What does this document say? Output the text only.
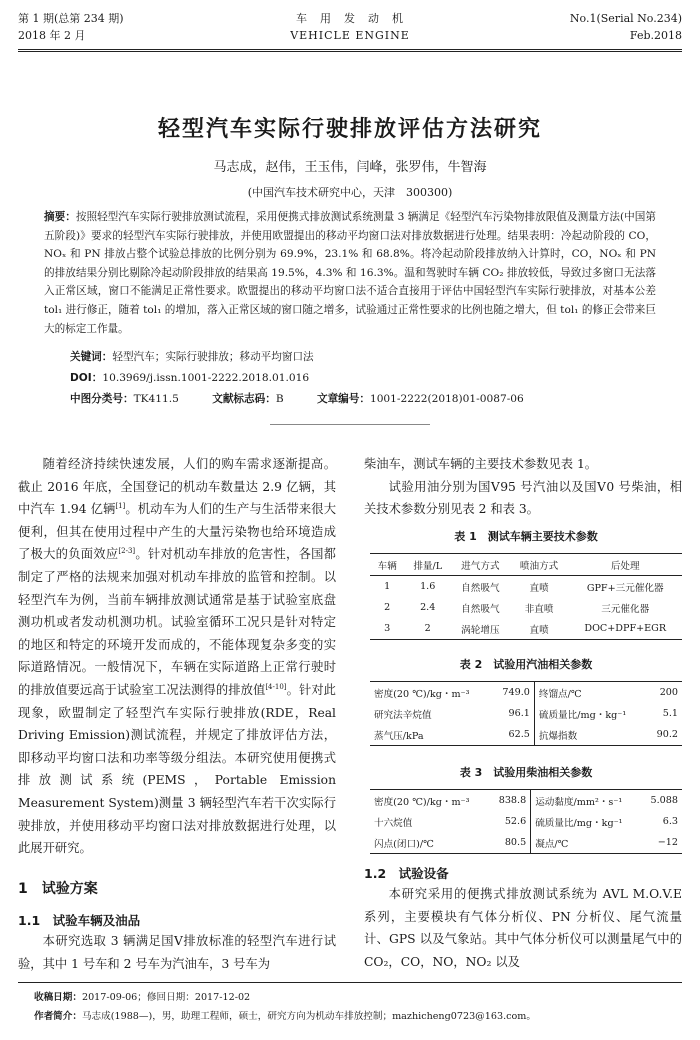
第 1 期(总第 234 期)
2018 年 2 月
车　用　发　动　机
VEHICLE ENGINE
No.1(Serial No.234)
Feb.2018
轻型汽车实际行驶排放评估方法研究
马志成，赵伟，王玉伟，闫峰，张罗伟，牛智海
(中国汽车技术研究中心，天津　300300)
摘要：按照轻型汽车实际行驶排放测试流程，采用便携式排放测试系统测量 3 辆满足《轻型汽车污染物排放限值及测量方法(中国第五阶段)》要求的轻型汽车实际行驶排放，并使用欧盟提出的移动平均窗口法对排放数据进行处理。结果表明：冷起动阶段的 CO，NOₓ 和 PN 排放占整个试验总排放的比例分别为 69.9%，23.1% 和 68.8%。将冷起动阶段排放纳入计算时，CO，NOₓ 和 PN 的排放结果分别比剔除冷起动阶段排放的结果高 19.5%，4.3% 和 16.3%。温和驾驶时车辆 CO₂ 排放较低，导致过多窗口无法落入正常区域，窗口不能满足正常性要求。欧盟提出的移动平均窗口法不适合直接用于评估中国轻型汽车实际行驶排放，对基本公差 tol₁ 进行修正，随着 tol₁ 的增加，落入正常区域的窗口随之增多，试验通过正常性要求的比例也随之增大，但 tol₁ 的修正会带来巨大的标定工作量。
关键词：轻型汽车；实际行驶排放；移动平均窗口法
DOI：10.3969/j.issn.1001-2222.2018.01.016
中图分类号：TK411.5	文献标志码：B	文章编号：1001-2222(2018)01-0087-06

随着经济持续快速发展，人们的购车需求逐渐提高。截止 2016 年底，全国登记的机动车数量达 2.9 亿辆，其中汽车 1.94 亿辆[1]。机动车为人们的生产与生活带来很大便利，但其在使用过程中产生的大量污染物也给环境造成了极大的负面效应[2-3]。针对机动车排放的危害性，各国都制定了严格的法规来加强对机动车排放的监管和控制。以轻型汽车为例，当前车辆排放测试通常是基于试验室底盘测功机或者发动机测功机。试验室循环工况只是针对特定的地区和特定的环境开发而成的，不能体现复杂多变的实际道路情况。一般情况下，车辆在实际道路上正常行驶时的排放值要远高于试验室工况法测得的排放值[4-10]。针对此现象，欧盟制定了轻型汽车实际行驶排放(RDE，Real Driving Emission)测试流程，并规定了排放评估方法，即移动平均窗口法和功率等级分组法。本研究使用便携式排放测试系统(PEMS，Portable Emission Measurement System)测量 3 辆轻型汽车若干次实际行驶排放，并使用移动平均窗口法对排放数据进行处理，以此展开研究。

1　试验方案
1.1　试验车辆及油品

本研究选取 3 辆满足国Ⅴ排放标准的轻型汽车进行试验，其中 1 号车和 2 号车为汽油车，3 号车为

柴油车，测试车辆的主要技术参数见表 1。

试验用油分别为国Ⅴ95 号汽油以及国Ⅴ0 号柴油，相关技术参数分别见表 2 和表 3。

表 1　测试车辆主要技术参数
车辆	排量/L	进气方式	喷油方式	后处理
1	1.6	自然吸气	直喷	GPF+三元催化器
2	2.4	自然吸气	非直喷	三元催化器
3	2	涡轮增压	直喷	DOC+DPF+EGR
表 2　试验用汽油相关参数
密度(20 ℃)/kg・m⁻³	749.0	终馏点/℃	200
研究法辛烷值	96.1	硫质量比/mg・kg⁻¹	5.1
蒸气压/kPa	62.5	抗爆指数	90.2
表 3　试验用柴油相关参数
密度(20 ℃)/kg・m⁻³	838.8	运动黏度/mm²・s⁻¹	5.088
十六烷值	52.6	硫质量比/mg・kg⁻¹	6.3
闪点(闭口)/℃	80.5	凝点/℃	−12
1.2　试验设备

本研究采用的便携式排放测试系统为 AVL M.O.V.E 系列，主要模块有气体分析仪、PN 分析仪、尾气流量计、GPS 以及气象站。其中气体分析仪可以测量尾气中的 CO₂，CO，NO，NO₂ 以及

收稿日期：2017-09-06；修回日期：2017-12-02
作者简介：马志成(1988—)，男，助理工程师，硕士，研究方向为机动车排放控制；mazhicheng0723@163.com。
